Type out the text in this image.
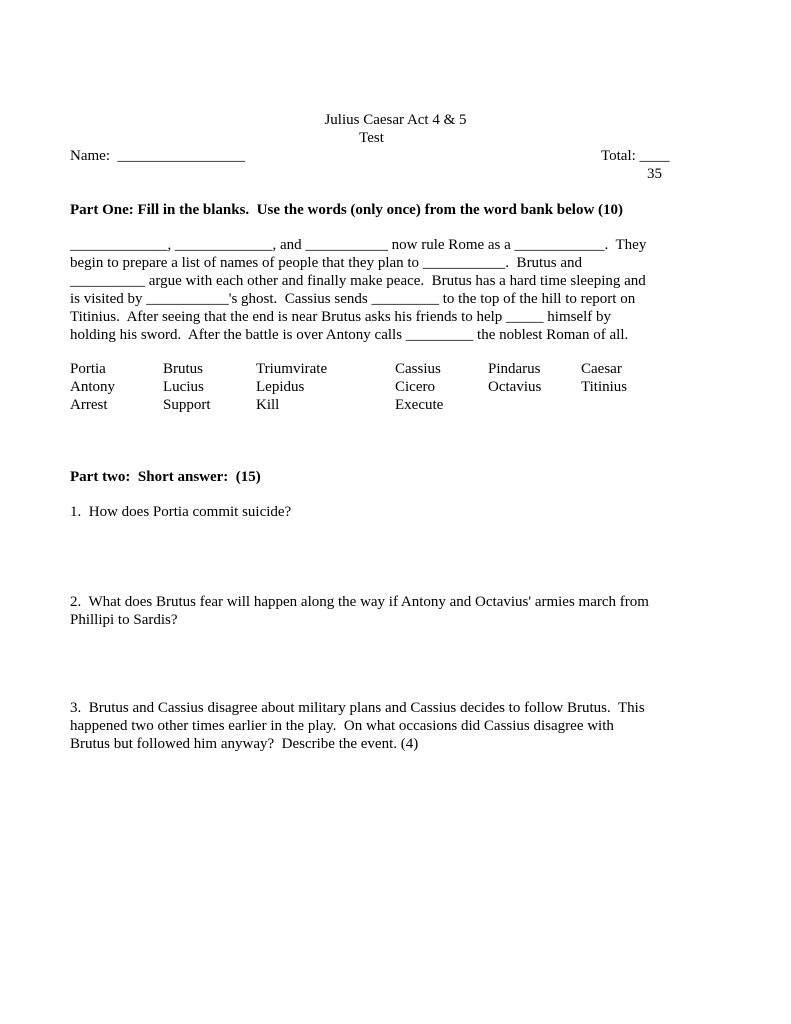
Julius Caesar Act 4 & 5
Test
Name:  _________________	Total: ____
35
Part One: Fill in the blanks.  Use the words (only once) from the word bank below (10)
_____________, _____________, and ___________ now rule Rome as a ____________.  They
begin to prepare a list of names of people that they plan to ___________.  Brutus and
__________ argue with each other and finally make peace.  Brutus has a hard time sleeping and
is visited by ___________'s ghost.  Cassius sends _________ to the top of the hill to report on
Titinius.  After seeing that the end is near Brutus asks his friends to help _____ himself by
holding his sword.  After the battle is over Antony calls _________ the noblest Roman of all.
Portia	Brutus	Triumvirate	Cassius	Pindarus	Caesar
Antony	Lucius	Lepidus	Cicero	Octavius	Titinius
Arrest	Support	Kill	Execute
Part two:  Short answer:  (15)
1.  How does Portia commit suicide?
2.  What does Brutus fear will happen along the way if Antony and Octavius' armies march from
Phillipi to Sardis?
3.  Brutus and Cassius disagree about military plans and Cassius decides to follow Brutus.  This
happened two other times earlier in the play.  On what occasions did Cassius disagree with
Brutus but followed him anyway?  Describe the event. (4)
